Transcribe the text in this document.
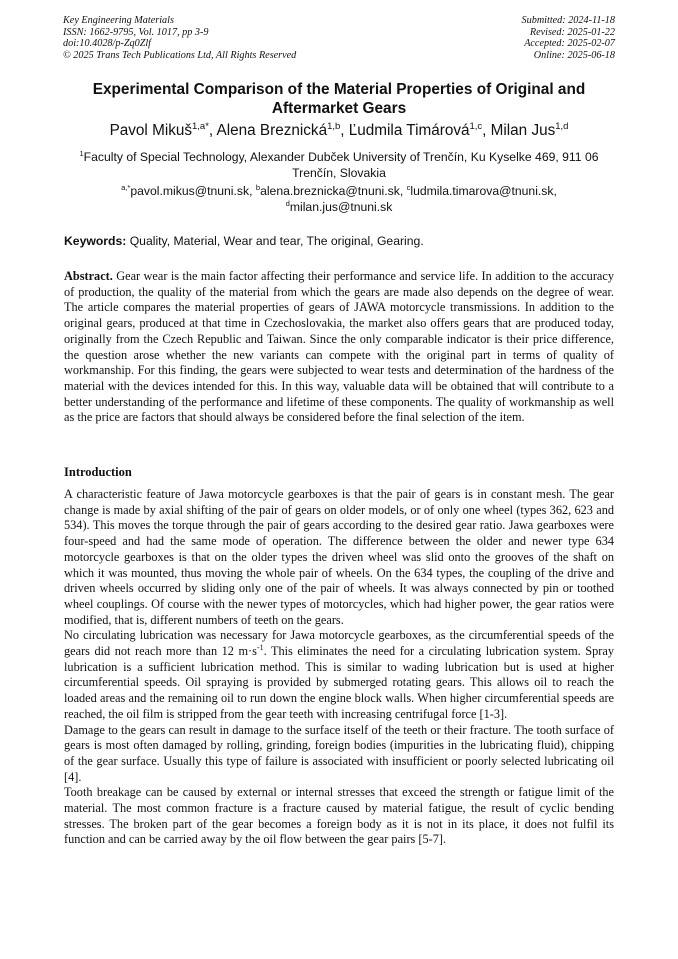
Key Engineering Materials
ISSN: 1662-9795, Vol. 1017, pp 3-9
doi:10.4028/p-Zq0Zlf
© 2025 Trans Tech Publications Ltd, All Rights Reserved
Submitted: 2024-11-18
Revised: 2025-01-22
Accepted: 2025-02-07
Online: 2025-06-18
Experimental Comparison of the Material Properties of Original and Aftermarket Gears
Pavol Mikuš$^{1,a*}$, Alena Breznická$^{1,b}$, Ľudmila Timárová$^{1,c}$, Milan Jus$^{1,d}$
$^1$Faculty of Special Technology, Alexander Dubček University of Trenčín, Ku Kyselke 469, 911 06 Trenčín, Slovakia
$^{a,*}$pavol.mikus@tnuni.sk, $^b$alena.breznicka@tnuni.sk, $^c$ludmila.timarova@tnuni.sk,
$^d$milan.jus@tnuni.sk
Keywords: Quality, Material, Wear and tear, The original, Gearing.
Abstract. Gear wear is the main factor affecting their performance and service life. In addition to the accuracy of production, the quality of the material from which the gears are made also depends on the degree of wear. The article compares the material properties of gears of JAWA motorcycle transmissions. In addition to the original gears, produced at that time in Czechoslovakia, the market also offers gears that are produced today, originally from the Czech Republic and Taiwan. Since the only comparable indicator is their price difference, the question arose whether the new variants can compete with the original part in terms of quality of workmanship. For this finding, the gears were subjected to wear tests and determination of the hardness of the material with the devices intended for this. In this way, valuable data will be obtained that will contribute to a better understanding of the performance and lifetime of these components. The quality of workmanship as well as the price are factors that should always be considered before the final selection of the item.
Introduction

A characteristic feature of Jawa motorcycle gearboxes is that the pair of gears is in constant mesh. The gear change is made by axial shifting of the pair of gears on older models, or of only one wheel (types 362, 623 and 534). This moves the torque through the pair of gears according to the desired gear ratio. Jawa gearboxes were four-speed and had the same mode of operation. The difference between the older and newer type 634 motorcycle gearboxes is that on the older types the driven wheel was slid onto the grooves of the shaft on which it was mounted, thus moving the whole pair of wheels. On the 634 types, the coupling of the drive and driven wheels occurred by sliding only one of the pair of wheels. It was always connected by pin or toothed wheel couplings. Of course with the newer types of motorcycles, which had higher power, the gear ratios were modified, that is, different numbers of teeth on the gears.

No circulating lubrication was necessary for Jawa motorcycle gearboxes, as the circumferential speeds of the gears did not reach more than 12 $m\cdot s^{-1}$. This eliminates the need for a circulating lubrication system. Spray lubrication is a sufficient lubrication method. This is similar to wading lubrication but is used at higher circumferential speeds. Oil spraying is provided by submerged rotating gears. This allows oil to reach the loaded areas and the remaining oil to run down the engine block walls. When higher circumferential speeds are reached, the oil film is stripped from the gear teeth with increasing centrifugal force [1-3].

Damage to the gears can result in damage to the surface itself of the teeth or their fracture. The tooth surface of gears is most often damaged by rolling, grinding, foreign bodies (impurities in the lubricating fluid), chipping of the gear surface. Usually this type of failure is associated with insufficient or poorly selected lubricating oil [4].

Tooth breakage can be caused by external or internal stresses that exceed the strength or fatigue limit of the material. The most common fracture is a fracture caused by material fatigue, the result of cyclic bending stresses. The broken part of the gear becomes a foreign body as it is not in its place, it does not fulfil its function and can be carried away by the oil flow between the gear pairs [5-7].
